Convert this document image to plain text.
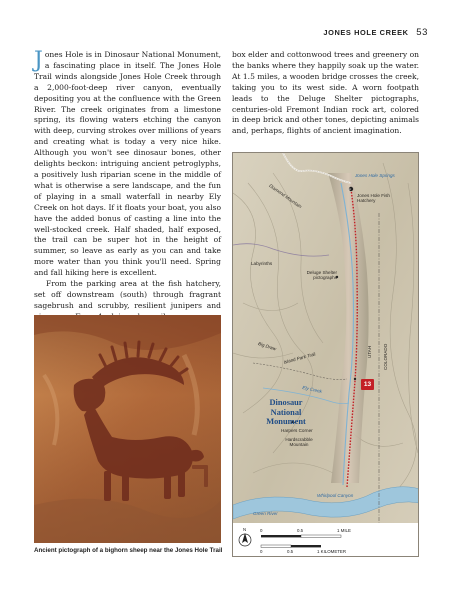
JONES HOLE CREEK 53

Jones Hole is in Dinosaur National Monument, a fascinating place in itself. The Jones Hole Trail winds alongside Jones Hole Creek through a 2,000-foot-deep river canyon, eventually depositing you at the confluence with the Green River. The creek originates from a limestone spring, its flowing waters etching the canyon with deep, curving strokes over millions of years and creating what is today a very nice hike. Although you won't see dinosaur bones, other delights beckon: intriguing ancient petroglyphs, a positively lush riparian scene in the middle of what is otherwise a sere landscape, and the fun of playing in a small waterfall in nearby Ely Creek on hot days. If it floats your boat, you also have the added bonus of casting a line into the well-stocked creek. Half shaded, half exposed, the trail can be super hot in the height of summer, so leave as early as you can and take more water than you think you'll need. Spring and fall hiking here is excellent.

From the parking area at the fish hatchery, set off downstream (south) through fragrant sagebrush and scrubby, resilient junipers and

box elder and cottonwood trees and greenery on the banks where they happily soak up the water. At 1.5 miles, a wooden bridge crosses the creek, taking you to its west side. A worn footpath leads to the Deluge Shelter pictographs, centuries-old Fremont Indian rock art, colored in deep brick and other tones, depicting animals and, perhaps, flights of ancient imagination.

Ancient pictograph of a bighorn sheep near the Jones Hole Trail
P
Diamond Mountain
Jones Hole Springs
Jones Hole Fish Hatchery
Labyrinths
Deluge Shelter pictographs
Big Draw
Island Park Trail
Ely Creek
UTAH COLORADO
13
Dinosaur
National
Monument
Harpers Corner
Hardscrabble Mountain
Whirlpool Canyon
Green River
N	0	0.5	1 MILE
0	0.5	1 KILOMETER
